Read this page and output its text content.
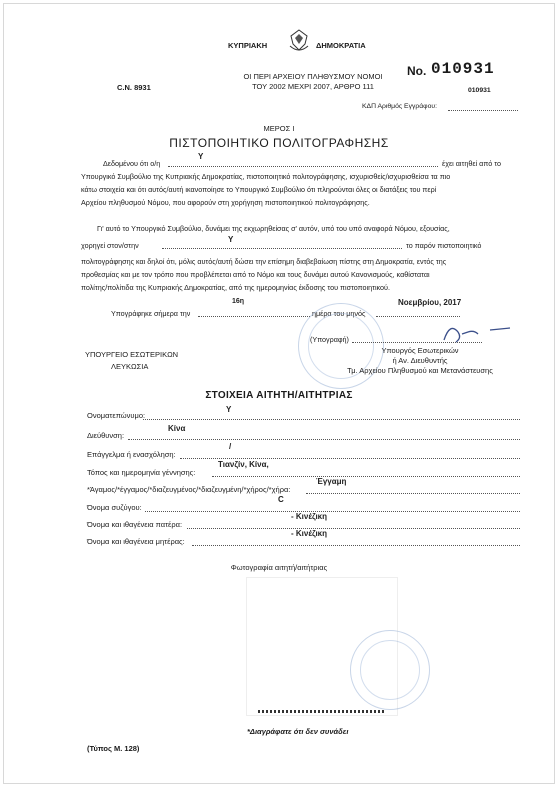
ΚΥΠΡΙΑΚΗ	ΔΗΜΟΚΡΑΤΙΑ
C.N. 8931
ΟΙ ΠΕΡΙ ΑΡΧΕΙΟΥ ΠΛΗΘΥΣΜΟΥ ΝΟΜΟΙ
ΤΟΥ 2002 ΜΕΧΡΙ 2007, ΑΡΘΡΟ 111
No. 010931
010931
ΚΔΠ Αριθμός Εγγράφου:
ΜΕΡΟΣ Ι
ΠΙΣΤΟΠΟΙΗΤΙΚΟ ΠΟΛΙΤΟΓΡΑΦΗΣΗΣ
Δεδομένου ότι ο/η
Y
έχει αιτηθεί από το
Υπουργικό Συμβούλιο της Κυπριακής Δημοκρατίας, πιστοποιητικό πολιτογράφησης, ισχυρισθείς/ισχυρισθείσα τα πιο
κάτω στοιχεία και ότι αυτός/αυτή ικανοποίησε το Υπουργικό Συμβούλιο ότι πληρούνται όλες οι διατάξεις του περί
Αρχείου πληθυσμού Νόμου, που αφορούν στη χορήγηση πιστοποιητικού πολιτογράφησης.
Γι' αυτό το Υπουργικό Συμβούλιο, δυνάμει της εκχωρηθείσας σ' αυτόν, υπό του υπό αναφορά Νόμου, εξουσίας,
χορηγεί στον/στην
Y
το παρόν πιστοποιητικό
πολιτογράφησης και δηλοί ότι, μόλις αυτός/αυτή δώσει την επίσημη διαβεβαίωση πίστης στη Δημοκρατία, εντός της
προθεσμίας και με τον τρόπο που προβλέπεται από το Νόμο και τους δυνάμει αυτού Κανονισμούς, καθίσταται
πολίτης/πολίτιδα της Κυπριακής Δημοκρατίας, από της ημερομηνίας έκδοσης του πιστοποιητικού.
16η	Νοεμβρίου, 2017
Υπογράφηκε σήμερα την	ημέρα του μηνός
(Υπογραφή)
ΥΠΟΥΡΓΕΙΟ ΕΣΩΤΕΡΙΚΩΝ
ΛΕΥΚΩΣΙΑ
Υπουργός Εσωτερικών
ή Αν. Διευθυντής
Τμ. Αρχείου Πληθυσμού και Μετανάστευσης
ΣΤΟΙΧΕΙΑ ΑΙΤΗΤΗ/ΑΙΤΗΤΡΙΑΣ
Ονοματεπώνυμο:
Y
Διεύθυνση:
Κίνα
Επάγγελμα ή ενασχόληση:
/
Τόπος και ημερομηνία γέννησης:
Τιανζίν, Κίνα,
*Άγαμος/*έγγαμος/*διαζευγμένος/*διαζευγμένη/*χήρος/*χήρα:
Έγγαμη
Όνομα συζύγου:
C
Όνομα και ιθαγένεια πατέρα:
- Κινέζικη
Όνομα και ιθαγένεια μητέρας:
- Κινέζικη
Φωτογραφία αιτητή/αιτήτριας
*Διαγράφατε ότι δεν συνάδει
(Τύπος Μ. 128)
